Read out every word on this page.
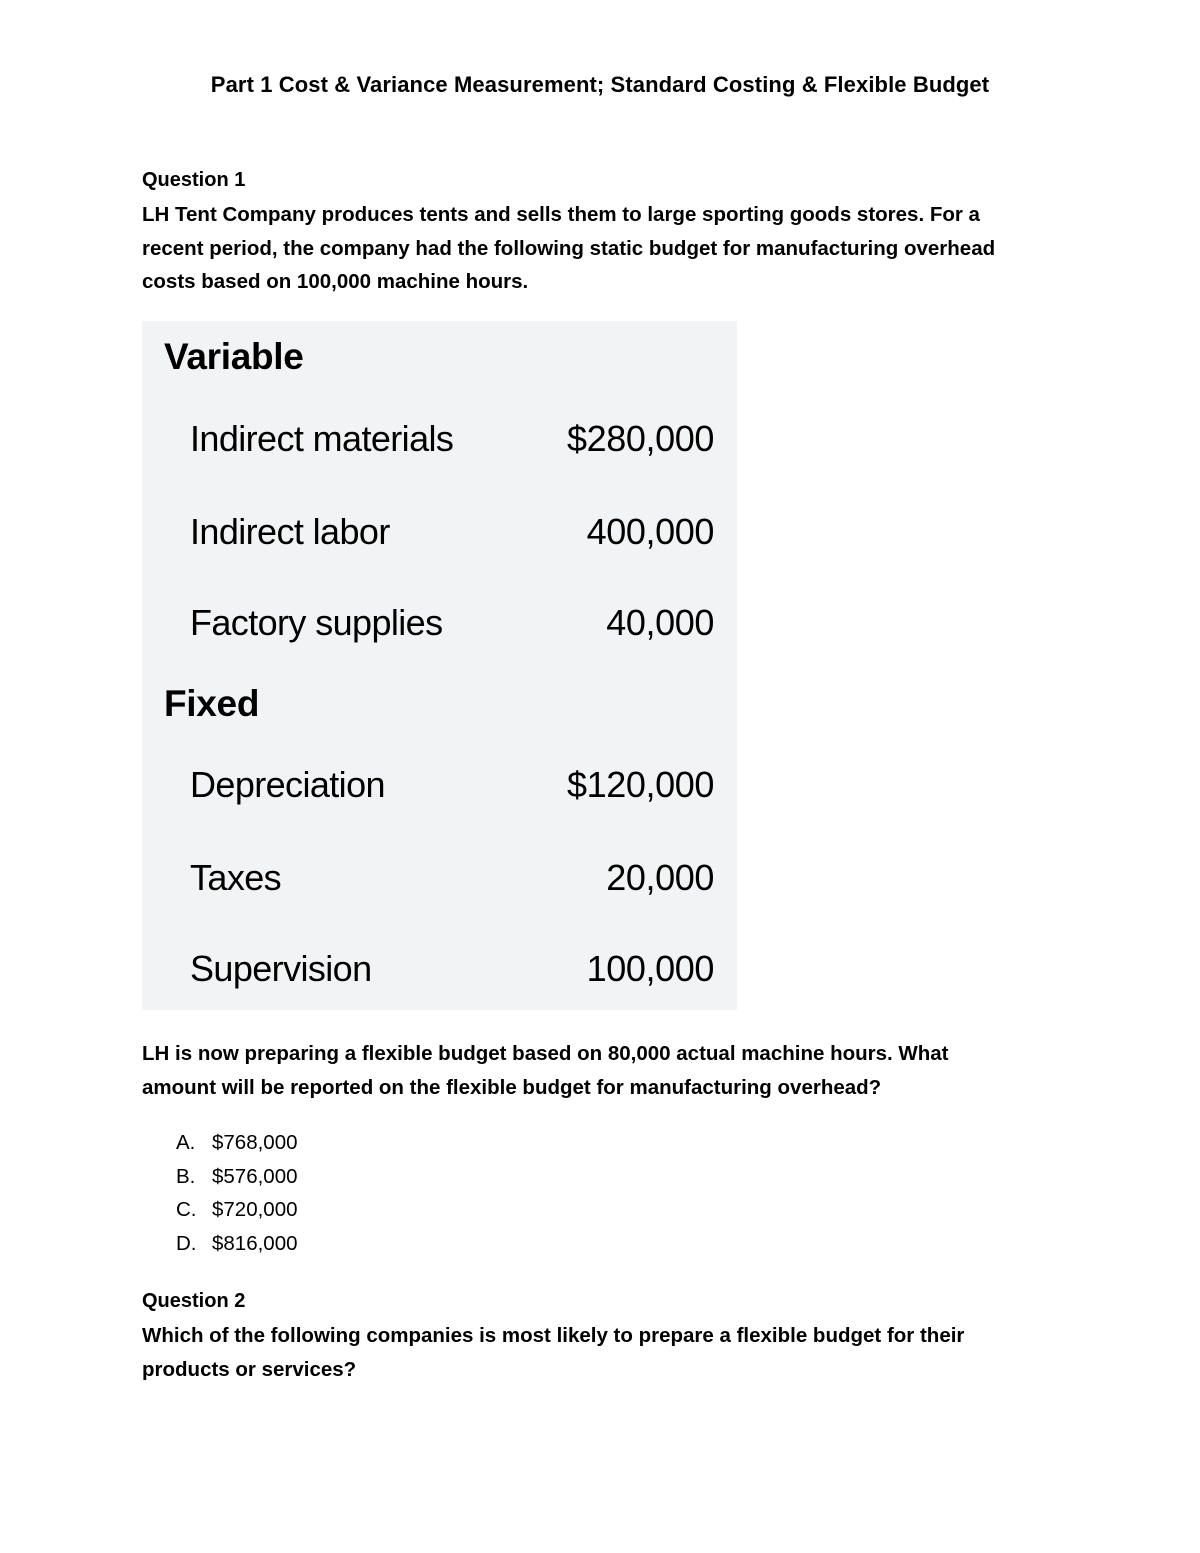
Part 1 Cost & Variance Measurement; Standard Costing & Flexible Budget
Question 1
LH Tent Company produces tents and sells them to large sporting goods stores. For a
recent period, the company had the following static budget for manufacturing overhead
costs based on 100,000 machine hours.
Variable
Indirect materials	$280,000
Indirect labor	400,000
Factory supplies	40,000
Fixed
Depreciation	$120,000
Taxes	20,000
Supervision	100,000
LH is now preparing a flexible budget based on 80,000 actual machine hours. What
amount will be reported on the flexible budget for manufacturing overhead?
A. $768,000
B. $576,000
C. $720,000
D. $816,000
Question 2
Which of the following companies is most likely to prepare a flexible budget for their
products or services?
